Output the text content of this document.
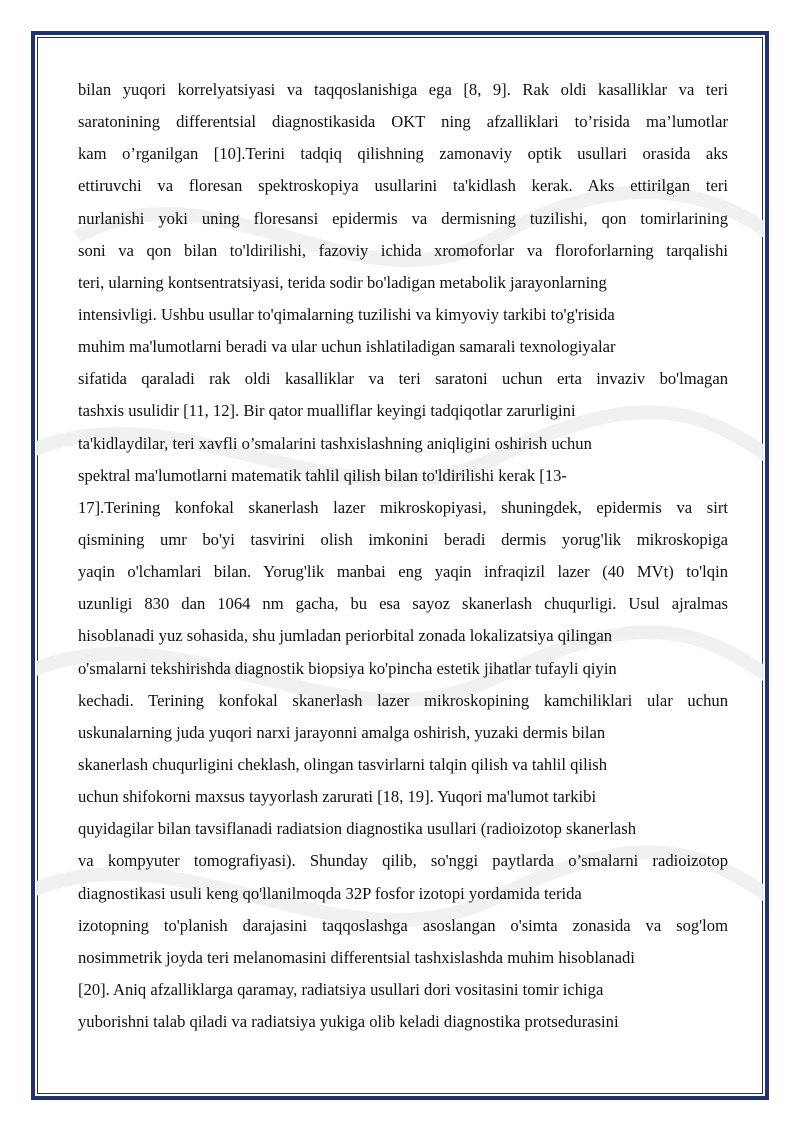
bilan yuqori korrelyatsiyasi va taqqoslanishiga ega [8, 9]. Rak oldi kasalliklar va teri
saratonining differentsial diagnostikasida OKT ning afzalliklari to’risida ma’lumotlar
kam o’rganilgan [10].Terini tadqiq qilishning zamonaviy optik usullari orasida aks
ettiruvchi va floresan spektroskopiya usullarini ta'kidlash kerak. Aks ettirilgan teri
nurlanishi yoki uning floresansi epidermis va dermisning tuzilishi, qon tomirlarining
soni va qon bilan to'ldirilishi, fazoviy ichida xromoforlar va floroforlarning tarqalishi
teri, ularning kontsentratsiyasi, terida sodir bo'ladigan metabolik jarayonlarning
intensivligi. Ushbu usullar to'qimalarning tuzilishi va kimyoviy tarkibi to'g'risida
muhim ma'lumotlarni beradi va ular uchun ishlatiladigan samarali texnologiyalar
sifatida qaraladi rak oldi kasalliklar va teri saratoni uchun erta invaziv bo'lmagan
tashxis usulidir [11, 12]. Bir qator mualliflar keyingi tadqiqotlar zarurligini
ta'kidlaydilar, teri xavfli o’smalarini tashxislashning aniqligini oshirish uchun
spektral ma'lumotlarni matematik tahlil qilish bilan to'ldirilishi kerak [13-
17].Terining konfokal skanerlash lazer mikroskopiyasi, shuningdek, epidermis va sirt
qismining umr bo'yi tasvirini olish imkonini beradi dermis yorug'lik mikroskopiga
yaqin o'lchamlari bilan. Yorug'lik manbai eng yaqin infraqizil lazer (40 MVt) to'lqin
uzunligi 830 dan 1064 nm gacha, bu esa sayoz skanerlash chuqurligi. Usul ajralmas
hisoblanadi yuz sohasida, shu jumladan periorbital zonada lokalizatsiya qilingan
o'smalarni tekshirishda diagnostik biopsiya ko'pincha estetik jihatlar tufayli qiyin
kechadi. Terining konfokal skanerlash lazer mikroskopining kamchiliklari ular uchun
uskunalarning juda yuqori narxi jarayonni amalga oshirish, yuzaki dermis bilan
skanerlash chuqurligini cheklash, olingan tasvirlarni talqin qilish va tahlil qilish
uchun shifokorni maxsus tayyorlash zarurati [18, 19]. Yuqori ma'lumot tarkibi
quyidagilar bilan tavsiflanadi radiatsion diagnostika usullari (radioizotop skanerlash
va kompyuter tomografiyasi). Shunday qilib, so'nggi paytlarda o’smalarni radioizotop
diagnostikasi usuli keng qo'llanilmoqda 32P fosfor izotopi yordamida terida
izotopning to'planish darajasini taqqoslashga asoslangan o'simta zonasida va sog'lom
nosimmetrik joyda teri melanomasini differentsial tashxislashda muhim hisoblanadi
[20]. Aniq afzalliklarga qaramay, radiatsiya usullari dori vositasini tomir ichiga
yuborishni talab qiladi va radiatsiya yukiga olib keladi diagnostika protsedurasini
